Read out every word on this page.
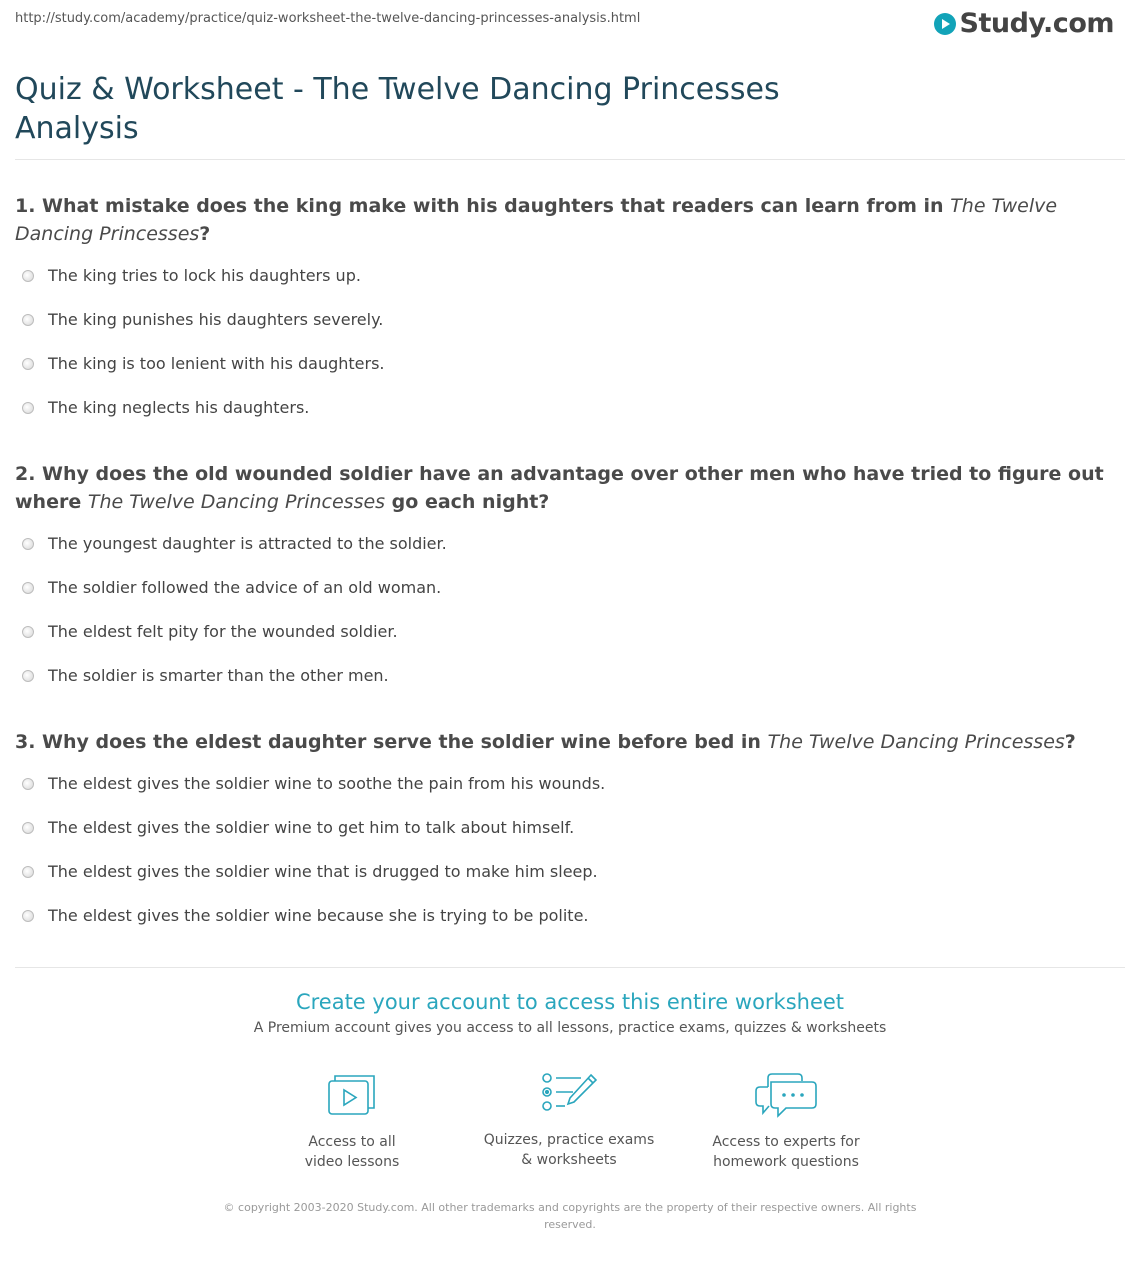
http://study.com/academy/practice/quiz-worksheet-the-twelve-dancing-princesses-analysis.html	Study.com
Quiz & Worksheet - The Twelve Dancing Princesses Analysis
1. What mistake does the king make with his daughters that readers can learn from in The Twelve Dancing Princesses?
The king tries to lock his daughters up.
The king punishes his daughters severely.
The king is too lenient with his daughters.
The king neglects his daughters.
2. Why does the old wounded soldier have an advantage over other men who have tried to figure out where The Twelve Dancing Princesses go each night?
The youngest daughter is attracted to the soldier.
The soldier followed the advice of an old woman.
The eldest felt pity for the wounded soldier.
The soldier is smarter than the other men.
3. Why does the eldest daughter serve the soldier wine before bed in The Twelve Dancing Princesses?
The eldest gives the soldier wine to soothe the pain from his wounds.
The eldest gives the soldier wine to get him to talk about himself.
The eldest gives the soldier wine that is drugged to make him sleep.
The eldest gives the soldier wine because she is trying to be polite.
Create your account to access this entire worksheet
A Premium account gives you access to all lessons, practice exams, quizzes & worksheets
Access to all
video lessons
Quizzes, practice exams
& worksheets
Access to experts for
homework questions
© copyright 2003-2020 Study.com. All other trademarks and copyrights are the property of their respective owners. All rights reserved.
